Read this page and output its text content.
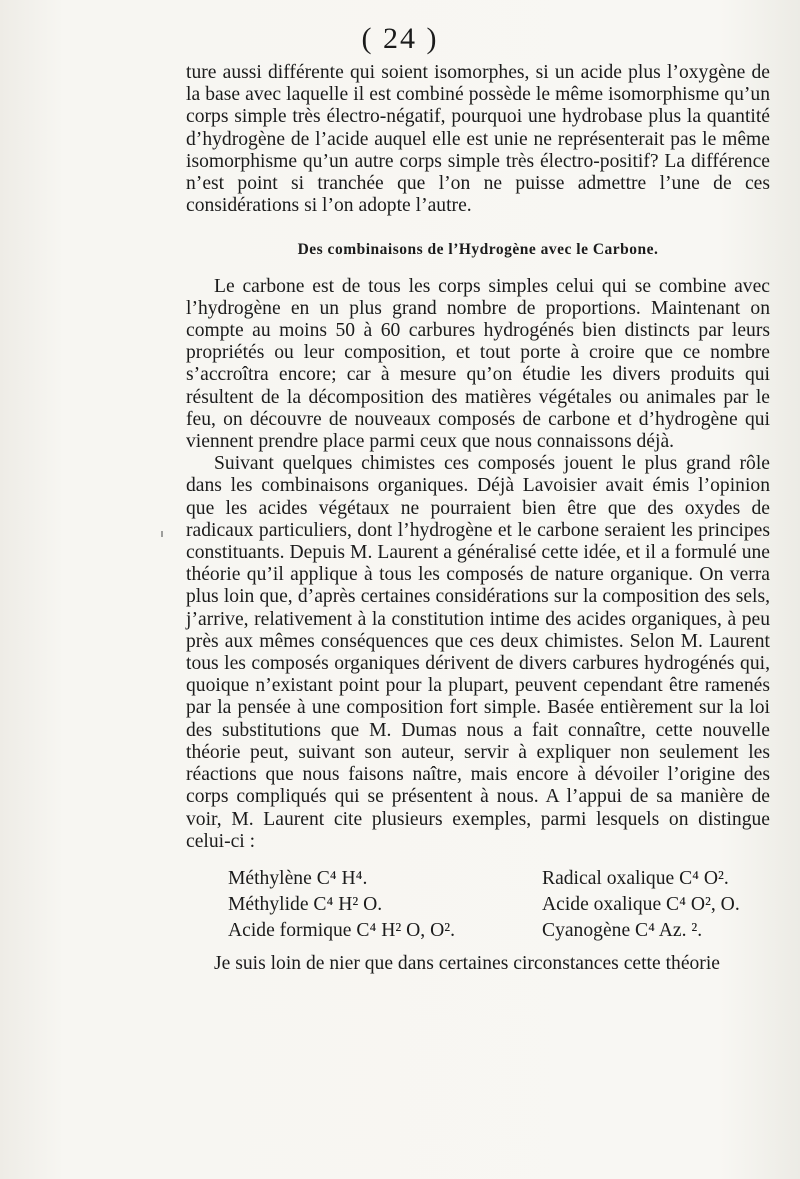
( 24 )

ture aussi différente qui soient isomorphes, si un acide plus l’oxygène de la base avec laquelle il est combiné possède le même isomorphisme qu’un corps simple très électro-négatif, pourquoi une hydrobase plus la quantité d’hydrogène de l’acide auquel elle est unie ne représenterait pas le même isomorphisme qu’un autre corps simple très électro-positif? La différence n’est point si tranchée que l’on ne puisse admettre l’une de ces considérations si l’on adopte l’autre.

Des combinaisons de l’Hydrogène avec le Carbone.

Le carbone est de tous les corps simples celui qui se combine avec l’hydrogène en un plus grand nombre de proportions. Maintenant on compte au moins 50 à 60 carbures hydrogénés bien distincts par leurs propriétés ou leur composition, et tout porte à croire que ce nombre s’accroîtra encore; car à mesure qu’on étudie les divers produits qui résultent de la décomposition des matières végétales ou animales par le feu, on découvre de nouveaux composés de carbone et d’hydrogène qui viennent prendre place parmi ceux que nous connaissons déjà.

Suivant quelques chimistes ces composés jouent le plus grand rôle dans les combinaisons organiques. Déjà Lavoisier avait émis l’opinion que les acides végétaux ne pourraient bien être que des oxydes de radicaux particuliers, dont l’hydrogène et le carbone seraient les principes constituants. Depuis M. Laurent a généralisé cette idée, et il a formulé une théorie qu’il applique à tous les composés de nature organique. On verra plus loin que, d’après certaines considérations sur la composition des sels, j’arrive, relativement à la constitution intime des acides organiques, à peu près aux mêmes conséquences que ces deux chimistes. Selon M. Laurent tous les composés organiques dérivent de divers carbures hydrogénés qui, quoique n’existant point pour la plupart, peuvent cependant être ramenés par la pensée à une composition fort simple. Basée entièrement sur la loi des substitutions que M. Dumas nous a fait connaître, cette nouvelle théorie peut, suivant son auteur, servir à expliquer non seulement les réactions que nous faisons naître, mais encore à dévoiler l’origine des corps compliqués qui se présentent à nous. A l’appui de sa manière de voir, M. Laurent cite plusieurs exemples, parmi lesquels on distingue celui-ci :

Méthylène C⁴ H⁴.	Radical oxalique C⁴ O².
Méthylide C⁴ H² O.	Acide oxalique C⁴ O², O.
Acide formique C⁴ H² O, O².	Cyanogène C⁴ Az. ².

Je suis loin de nier que dans certaines circonstances cette théorie
